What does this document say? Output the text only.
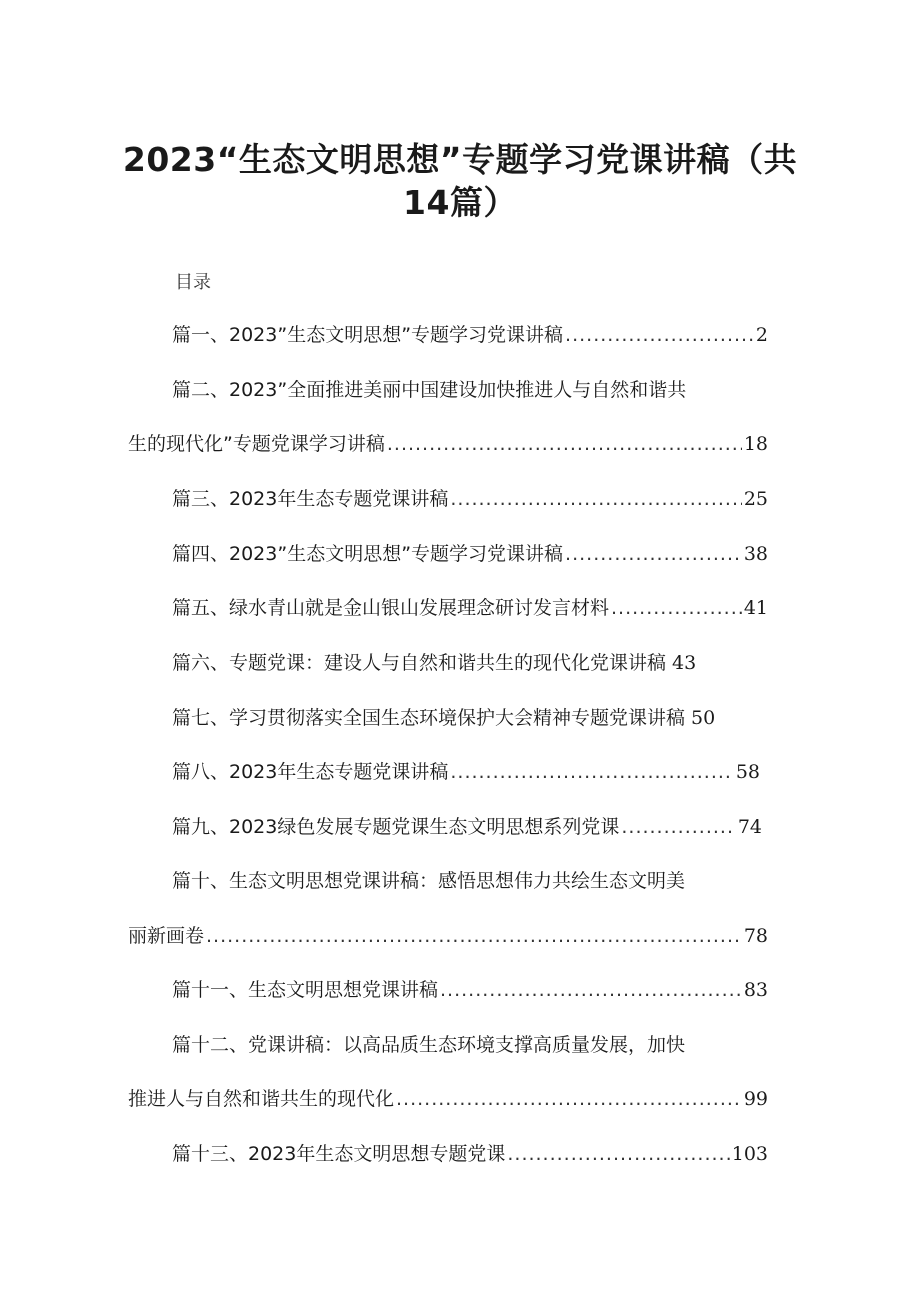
2023“生态文明思想”专题学习党课讲稿（共
14篇）
目录
篇一、2023”生态文明思想”专题学习党课讲稿 .....	2
篇二、2023”全面推进美丽中国建设加快推进人与自然和谐共
生的现代化”专题党课学习讲稿 .....	18
篇三、2023年生态专题党课讲稿 .....	25
篇四、2023”生态文明思想”专题学习党课讲稿 .....	38
篇五、绿水青山就是金山银山发展理念研讨发言材料 .....	41
篇六、专题党课：建设人与自然和谐共生的现代化党课讲稿 43
篇七、学习贯彻落实全国生态环境保护大会精神专题党课讲稿 50
篇八、2023年生态专题党课讲稿 .....	58
篇九、2023绿色发展专题党课生态文明思想系列党课 .....	74
篇十、生态文明思想党课讲稿：感悟思想伟力共绘生态文明美
丽新画卷 .....	78
篇十一、生态文明思想党课讲稿 .....	83
篇十二、党课讲稿：以高品质生态环境支撑高质量发展，加快
推进人与自然和谐共生的现代化 .....	99
篇十三、2023年生态文明思想专题党课 .....	103
